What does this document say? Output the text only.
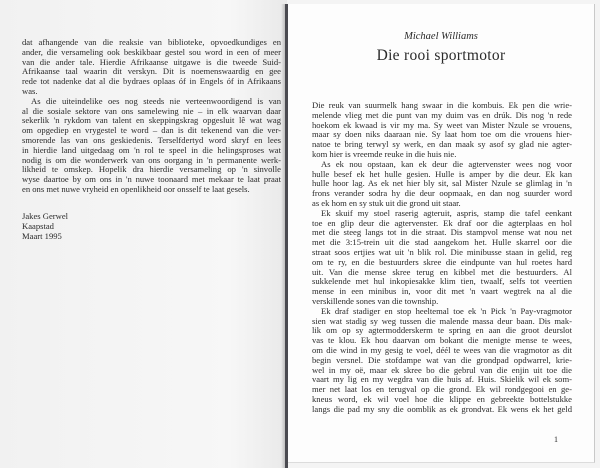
dat afhangende van die reaksie van biblioteke, opvoedkundiges en
ander, die versameling ook beskikbaar gestel sou word in een of meer
van die ander tale. Hierdie Afrikaanse uitgawe is die tweede Suid-
Afrikaanse taal waarin dit verskyn. Dit is noemenswaardig en gee
rede tot nadenke dat al die bydraes oplaas óf in Engels óf in Afrikaans
was.
As die uiteindelike oes nog steeds nie verteenwoordigend is van
al die sosiale sektore van ons samelewing nie – in elk waarvan daar
sekerlik 'n rykdom van talent en skeppingskrag opgesluit lê wat wag
om opgediep en vrygestel te word – dan is dit tekenend van die ver-
smorende las van ons geskiedenis. Terselfdertyd word skryf en lees
in hierdie land uitgedaag om 'n rol te speel in die helingsproses wat
nodig is om die wonderwerk van ons oorgang in 'n permanente werk-
likheid te omskep. Hopelik dra hierdie versameling op 'n sinvolle
wyse daartoe by om ons in 'n nuwe toonaard met mekaar te laat praat
en ons met nuwe vryheid en openlikheid oor onsself te laat gesels.
Jakes Gerwel
Kaapstad
Maart 1995
Michael Williams
Die rooi sportmotor
Die reuk van suurmelk hang swaar in die kombuis. Ek pen die wrie-
melende vlieg met die punt van my duim vas en drúk. Dis nog 'n rede
hoekom ek kwaad is vir my ma. Sy weet van Mister Nzule se vrouens,
maar sy doen niks daaraan nie. Sy laat hom toe om die vrouens hier-
natoe te bring terwyl sy werk, en dan maak sy asof sy glad nie agter-
kom hier is vreemde reuke in die huis nie.
As ek nou opstaan, kan ek deur die agtervenster wees nog voor
hulle besef ek het hulle gesien. Hulle is amper by die deur. Ek kan
hulle hoor lag. As ek net hier bly sit, sal Mister Nzule se glimlag in 'n
frons verander sodra hy die deur oopmaak, en dan nog suurder word
as ek hom en sy stuk uit die grond uit staar.
Ek skuif my stoel raserig agteruit, aspris, stamp die tafel eenkant
toe en glip deur die agtervenster. Ek draf oor die agterplaas en hol
met die steeg langs tot in die straat. Dis stampvol mense wat nou net
met die 3:15-trein uit die stad aangekom het. Hulle skarrel oor die
straat soos ertjies wat uit 'n blik rol. Die minibusse staan in gelid, reg
om te ry, en die bestuurders skree die eindpunte van hul roetes hard
uit. Van die mense skree terug en kibbel met die bestuurders. Al
sukkelende met hul inkopiesakke klim tien, twaalf, selfs tot veertien
mense in een minibus in, voor dit met 'n vaart wegtrek na al die
verskillende sones van die township.
Ek draf stadiger en stop heeltemal toe ek 'n Pick 'n Pay-vragmotor
sien wat stadig sy weg tussen die malende massa deur baan. Dis mak-
lik om op sy agtermodderskerm te spring en aan die groot deurslot
vas te klou. Ek hou daarvan om bokant die menigte mense te wees,
om die wind in my gesig te voel, déél te wees van die vragmotor as dit
begin versnel. Die stofdampe wat van die grondpad opdwarrel, krie-
wel in my oë, maar ek skree bo die gebrul van die enjin uit toe die
vaart my lig en my wegdra van die huis af. Huis. Skielik wil ek som-
mer net laat los en terugval op die grond. Ek wil rondgegooi en ge-
kneus word, ek wil voel hoe die klippe en gebreekte bottelstukke
langs die pad my sny die oomblik as ek grondvat. Ek wens ek het geld
1
